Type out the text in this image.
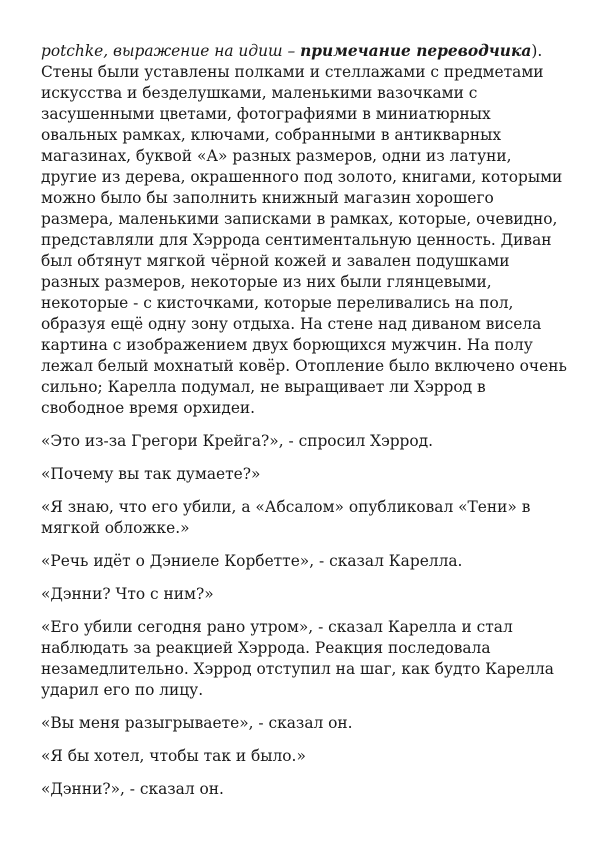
potchke, выражение на идиш – примечание переводчика).

Стены были уставлены полками и стеллажами с предметами искусства и безделушками, маленькими вазочками с засушенными цветами, фотографиями в миниатюрных овальных рамках, ключами, собранными в антикварных магазинах, буквой «А» разных размеров, одни из латуни, другие из дерева, окрашенного под золото, книгами, которыми можно было бы заполнить книжный магазин хорошего размера, маленькими записками в рамках, которые, очевидно, представляли для Хэррода сентиментальную ценность. Диван был обтянут мягкой чёрной кожей и завален подушками разных размеров, некоторые из них были глянцевыми, некоторые - с кисточками, которые переливались на пол, образуя ещё одну зону отдыха. На стене над диваном висела картина с изображением двух борющихся мужчин. На полу лежал белый мохнатый ковёр. Отопление было включено очень сильно; Карелла подумал, не выращивает ли Хэррод в свободное время орхидеи.

«Это из-за Грегори Крейга?», - спросил Хэррод.

«Почему вы так думаете?»

«Я знаю, что его убили, а «Абсалом» опубликовал «Тени» в мягкой обложке.»

«Речь идёт о Дэниеле Корбетте», - сказал Карелла.

«Дэнни? Что с ним?»

«Его убили сегодня рано утром», - сказал Карелла и стал наблюдать за реакцией Хэррода. Реакция последовала незамедлительно. Хэррод отступил на шаг, как будто Карелла ударил его по лицу.

«Вы меня разыгрываете», - сказал он.

«Я бы хотел, чтобы так и было.»

«Дэнни?», - сказал он.
